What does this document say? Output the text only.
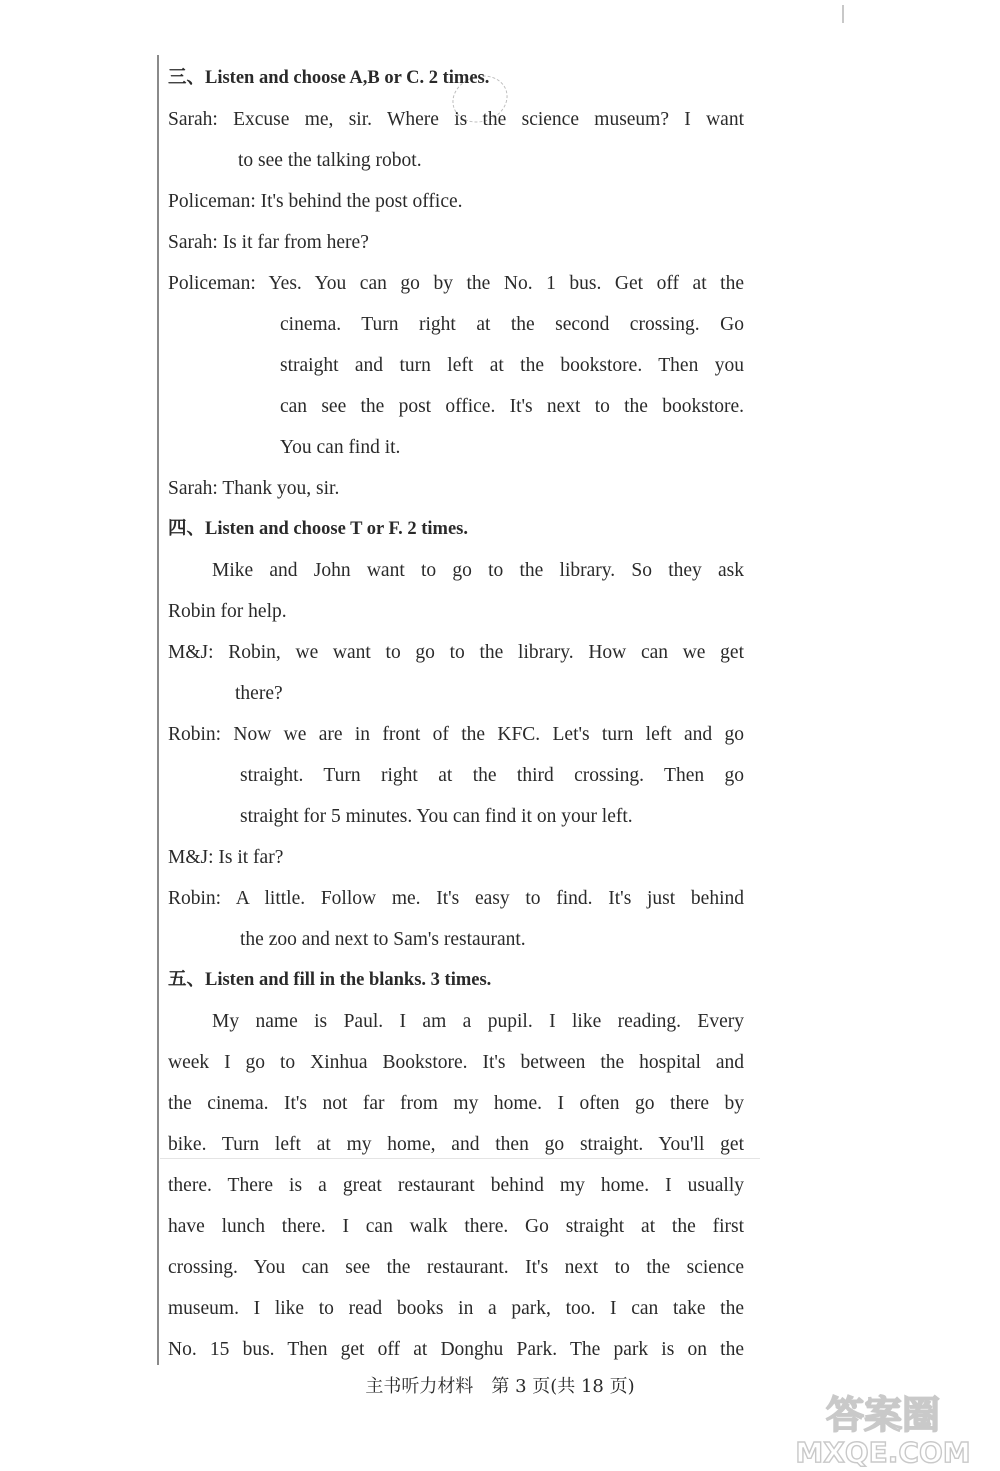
三、Listen and choose A,B or C. 2 times.
Sarah: Excuse me, sir. Where is the science museum? I want
to see the talking robot.
Policeman: It's behind the post office.
Sarah: Is it far from here?
Policeman: Yes. You can go by the No. 1 bus. Get off at the
cinema. Turn right at the second crossing. Go
straight and turn left at the bookstore. Then you
can see the post office. It's next to the bookstore.
You can find it.
Sarah: Thank you, sir.
四、Listen and choose T or F. 2 times.
Mike and John want to go to the library. So they ask
Robin for help.
M&J: Robin, we want to go to the library. How can we get
there?
Robin: Now we are in front of the KFC. Let's turn left and go
straight. Turn right at the third crossing. Then go
straight for 5 minutes. You can find it on your left.
M&J: Is it far?
Robin: A little. Follow me. It's easy to find. It's just behind
the zoo and next to Sam's restaurant.
五、Listen and fill in the blanks. 3 times.
My name is Paul. I am a pupil. I like reading. Every
week I go to Xinhua Bookstore. It's between the hospital and
the cinema. It's not far from my home. I often go there by
bike. Turn left at my home, and then go straight. You'll get
there. There is a great restaurant behind my home. I usually
have lunch there. I can walk there. Go straight at the first
crossing. You can see the restaurant. It's next to the science
museum. I like to read books in a park, too. I can take the
No. 15 bus. Then get off at Donghu Park. The park is on the
主书听力材料　第 3 页(共 18 页)
答案圈
MXQE.COM
